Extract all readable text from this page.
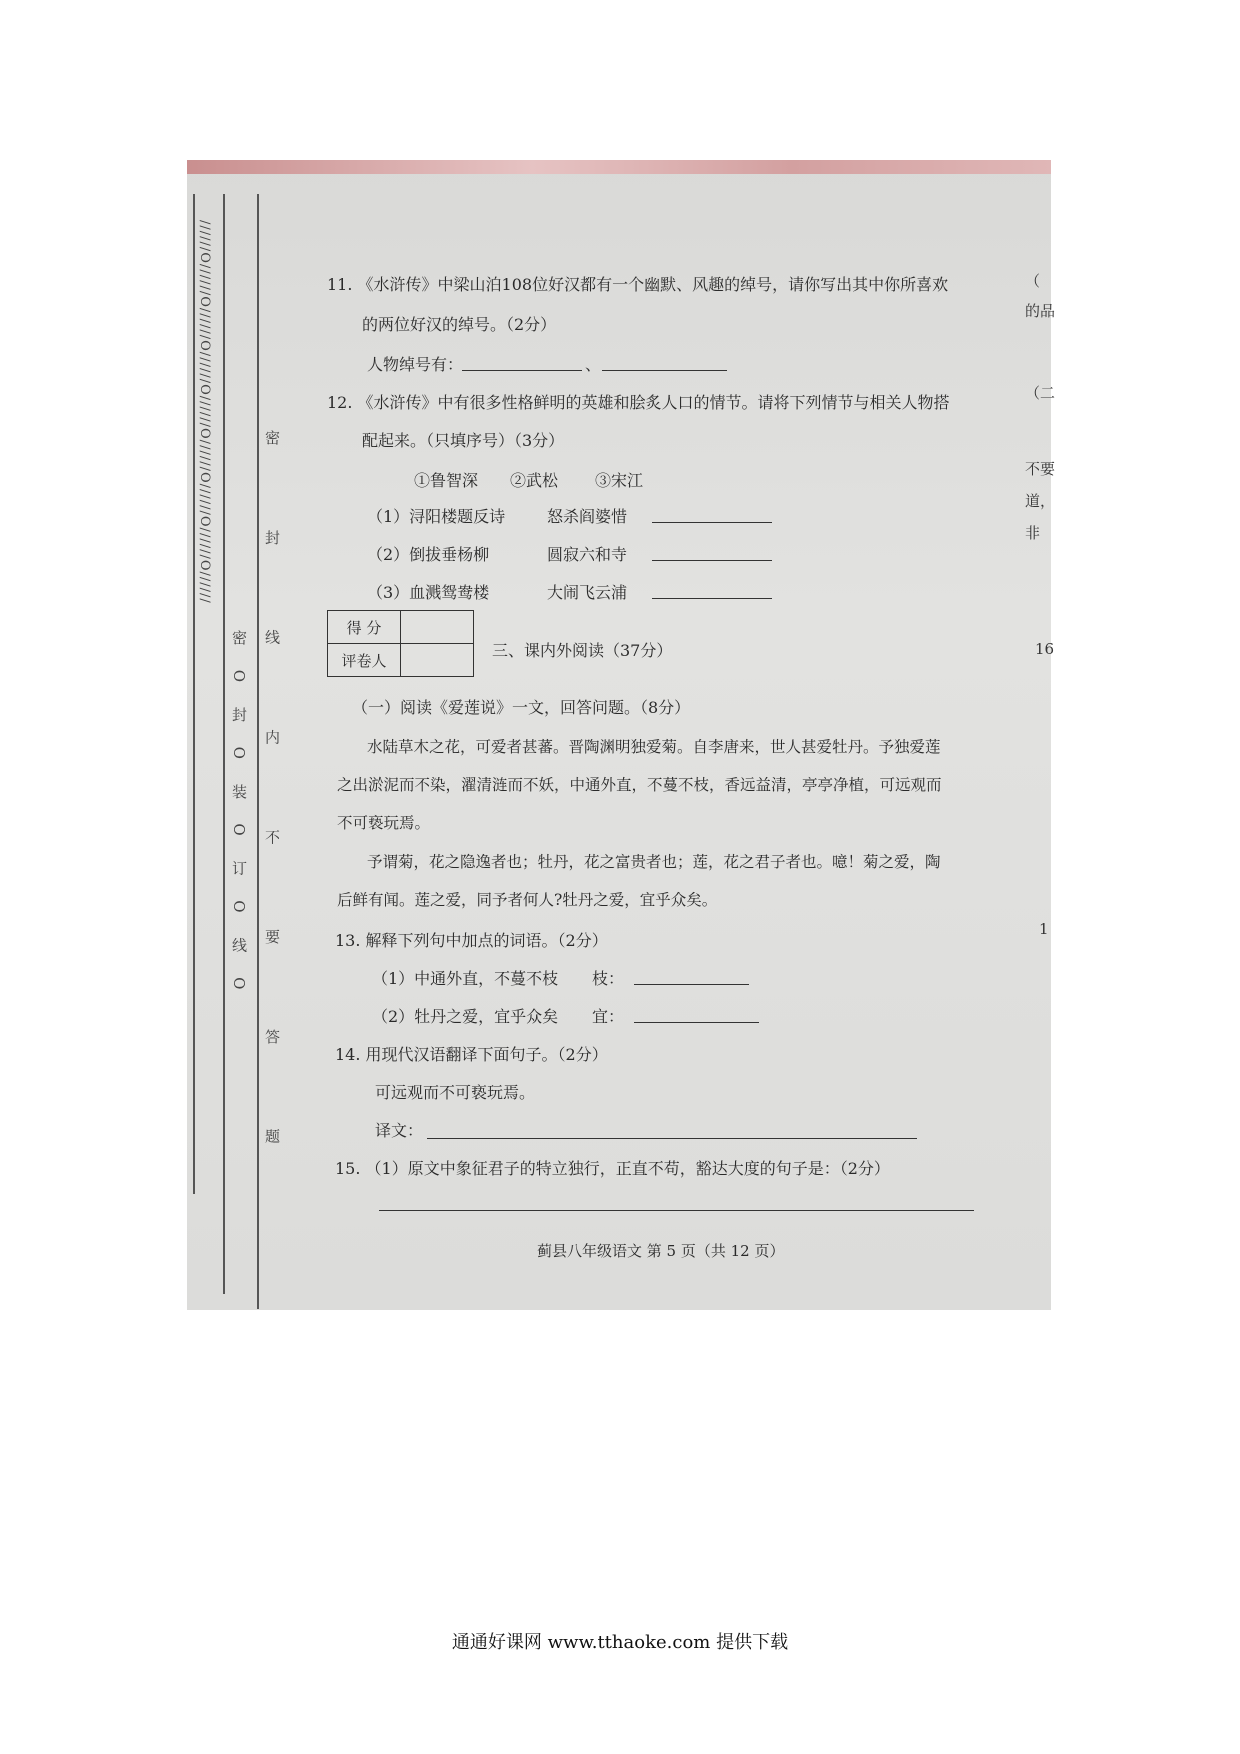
//////O//////O//////O//////O//////O//////O//////O//////O//////
密 O 封 O 装 O 订 O 线 O 密 封 线 内 不 要 答 题
11. 《水浒传》中梁山泊108位好汉都有一个幽默、风趣的绰号，请你写出其中你所喜欢
的两位好汉的绰号。（2分）
人物绰号有：	、
12. 《水浒传》中有很多性格鲜明的英雄和脍炙人口的情节。请将下列情节与相关人物搭
配起来。（只填序号）（3分）
①鲁智深 ②武松 ③宋江
（1）浔阳楼题反诗	怒杀阎婆惜
（2）倒拔垂杨柳	圆寂六和寺
（3）血溅鸳鸯楼	大闹飞云浦
得 分	
评卷人	
三、课内外阅读（37分）
（一）阅读《爱莲说》一文，回答问题。（8分）
水陆草木之花，可爱者甚蕃。晋陶渊明独爱菊。自李唐来，世人甚爱牡丹。予独爱莲
之出淤泥而不染，濯清涟而不妖，中通外直，不蔓不枝，香远益清，亭亭净植，可远观而
不可亵玩焉。
予谓菊，花之隐逸者也；牡丹，花之富贵者也；莲，花之君子者也。噫！菊之爱，陶
后鲜有闻。莲之爱，同予者何人?牡丹之爱，宜乎众矣。
13. 解释下列句中加点的词语。（2分）
（1）中通外直，不蔓不枝 枝：
（2）牡丹之爱，宜乎众矣 宜：
14. 用现代汉语翻译下面句子。（2分）
可远观而不可亵玩焉。
译文：
15. （1）原文中象征君子的特立独行，正直不苟，豁达大度的句子是：（2分）
蓟县八年级语文 第 5 页（共 12 页）
（
的品
（二
不要
道，
非
16
1
通通好课网 www.tthaoke.com 提供下载
